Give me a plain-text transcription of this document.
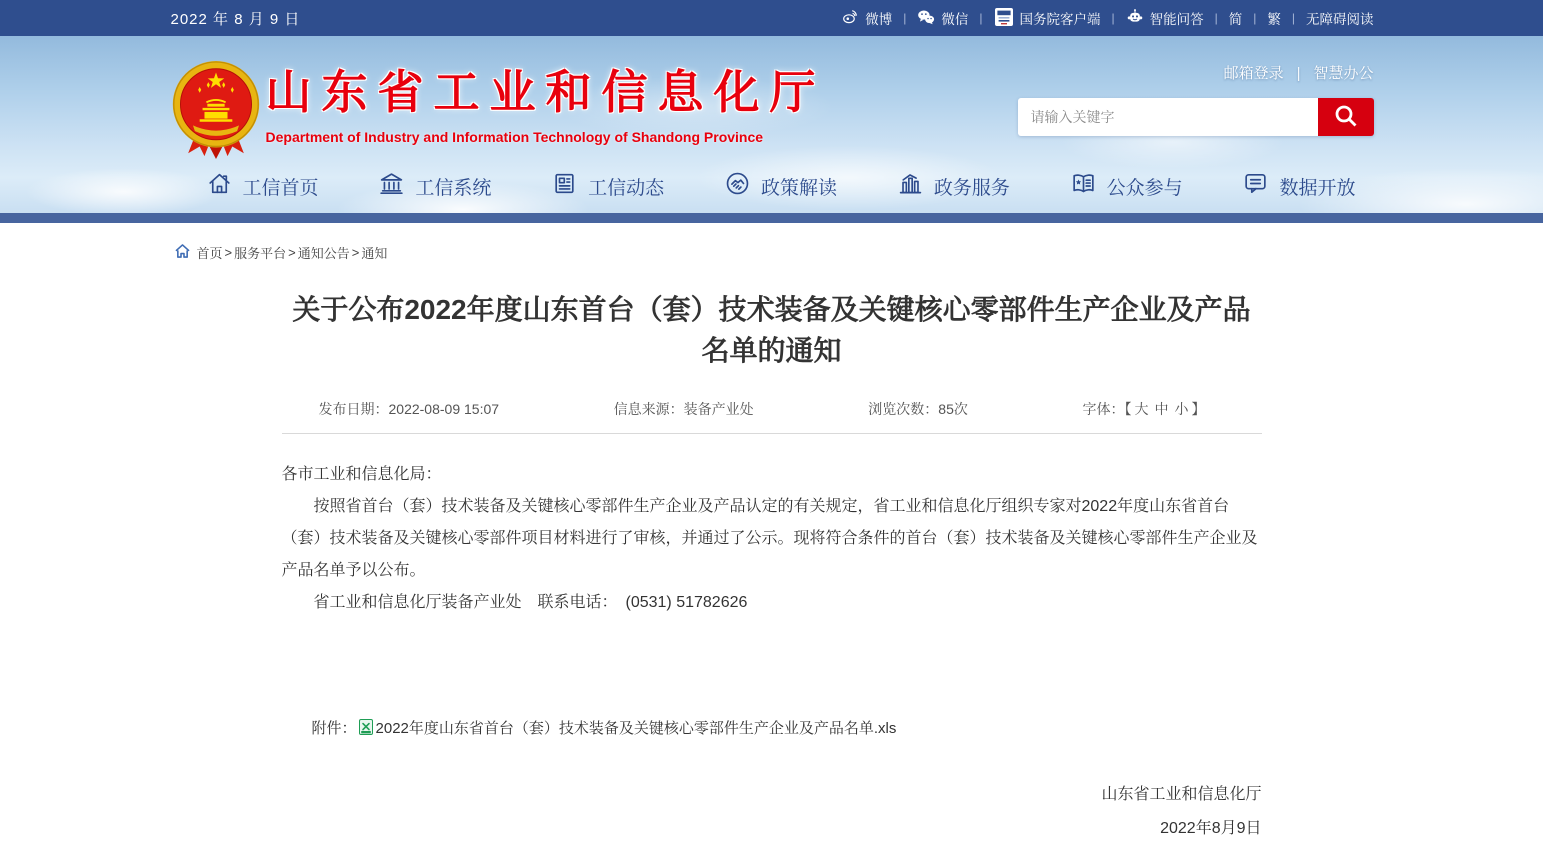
2022 年 8 月 9 日	微博 |	微信 |	国务院客户端 |	智能问答 | 简 | 繁 | 无障碍阅读
山东省工业和信息化厅
Department of Industry and Information Technology of Shandong Province
邮箱登录 | 智慧办公
请输入关键字
工信首页	工信系统	工信动态	政策解读	政务服务	公众参与	数据开放
首页 > 服务平台 > 通知公告 > 通知
关于公布2022年度山东首台（套）技术装备及关键核心零部件生产企业及产品名单的通知
发布日期：2022-08-09 15:07	信息来源：装备产业处	浏览次数：85次	字体：【 大 中 小 】

各市工业和信息化局：

按照省首台（套）技术装备及关键核心零部件生产企业及产品认定的有关规定，省工业和信息化厅组织专家对2022年度山东省首台（套）技术装备及关键核心零部件项目材料进行了审核，并通过了公示。现将符合条件的首台（套）技术装备及关键核心零部件生产企业及产品名单予以公布。

省工业和信息化厅装备产业处　联系电话：　(0531) 51782626

附件： 2022年度山东省首台（套）技术装备及关键核心零部件生产企业及产品名单.xls
山东省工业和信息化厅
2022年8月9日
